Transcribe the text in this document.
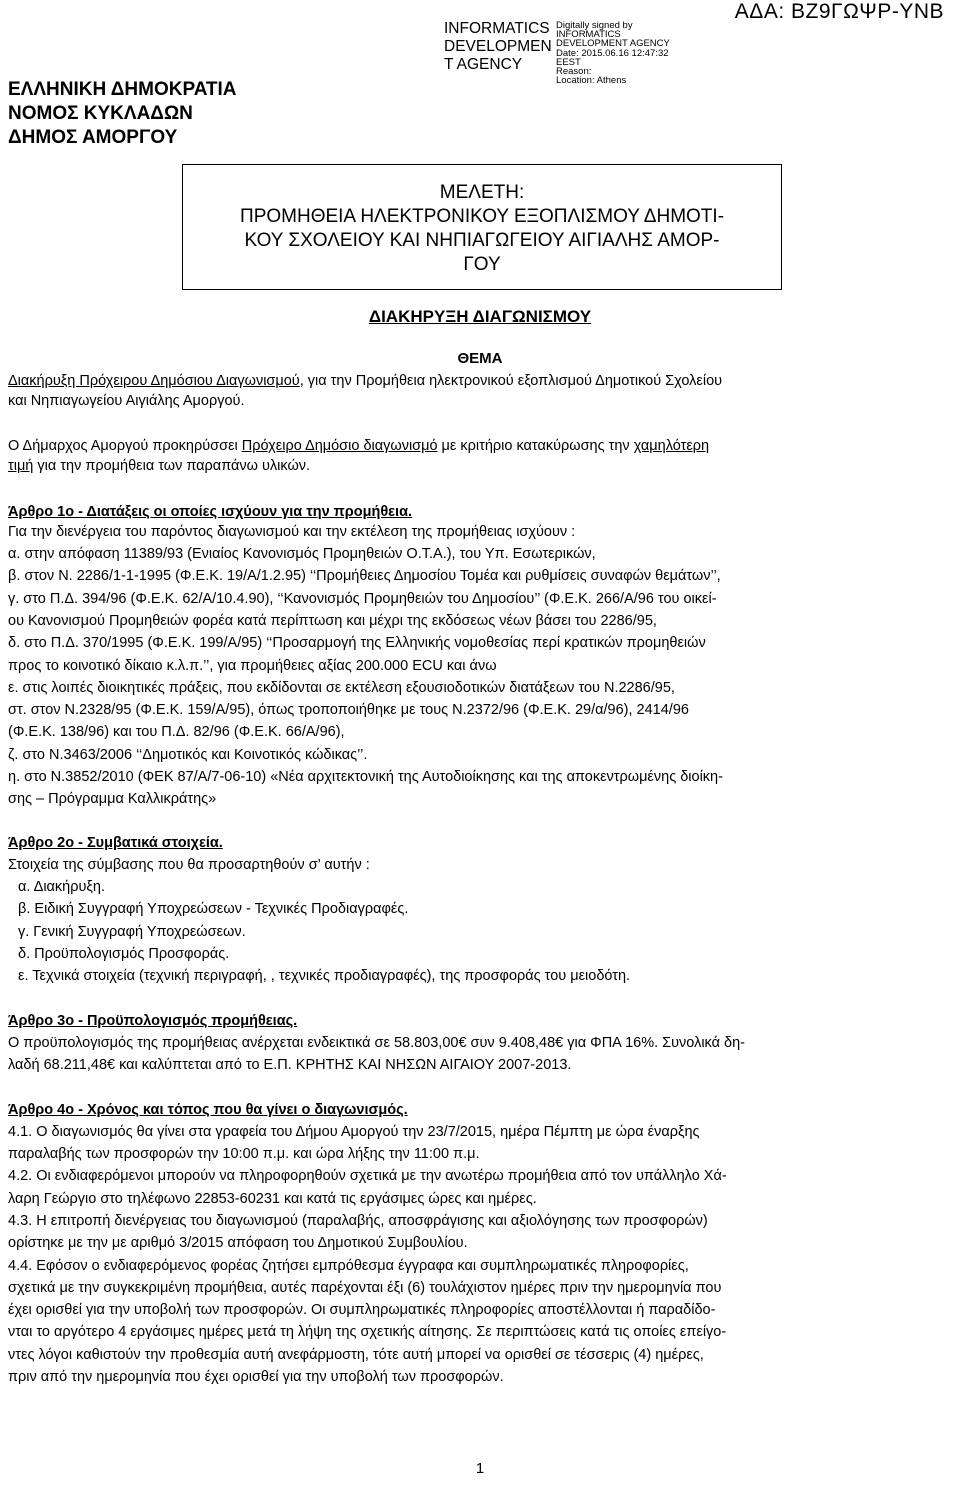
ΑΔΑ: ΒΖ9ΓΩΨΡ-ΥΝΒ
INFORMATICS
DEVELOPMEN
T AGENCY
Digitally signed by
INFORMATICS
DEVELOPMENT AGENCY
Date: 2015.06.16 12:47:32
EEST
Reason:
Location: Athens
ΕΛΛΗΝΙΚΗ ΔΗΜΟΚΡΑΤΙΑ
ΝΟΜΟΣ ΚΥΚΛΑΔΩΝ
ΔΗΜΟΣ ΑΜΟΡΓΟΥ
ΜΕΛΕΤΗ:
ΠΡΟΜΗΘΕΙΑ ΗΛΕΚΤΡΟΝΙΚΟΥ ΕΞΟΠΛΙΣΜΟΥ ΔΗΜΟΤΙ-
ΚΟΥ ΣΧΟΛΕΙΟΥ ΚΑΙ ΝΗΠΙΑΓΩΓΕΙΟΥ ΑΙΓΙΑΛΗΣ ΑΜΟΡ-
ΓΟΥ
ΔΙΑΚΗΡΥΞΗ ΔΙΑΓΩΝΙΣΜΟΥ
ΘΕΜΑ
Διακήρυξη Πρόχειρου Δημόσιου Διαγωνισμού, για την Προμήθεια ηλεκτρονικού εξοπλισμού Δημοτικού Σχολείου
και Νηπιαγωγείου Αιγιάλης Αμοργού.
Ο Δήμαρχος Αμοργού προκηρύσσει Πρόχειρο Δημόσιο διαγωνισμό με κριτήριο κατακύρωσης την χαμηλότερη
τιμή για την προμήθεια των παραπάνω υλικών.
Άρθρο 1ο - Διατάξεις οι οποίες ισχύουν για την προμήθεια.
Για την διενέργεια του παρόντος διαγωνισμού και την εκτέλεση της προμήθειας ισχύουν :
α. στην απόφαση 11389/93 (Ενιαίος Κανονισμός Προμηθειών Ο.Τ.Α.), του Υπ. Εσωτερικών,
β. στον Ν. 2286/1-1-1995 (Φ.Ε.Κ. 19/Α/1.2.95) ‘‘Προμήθειες Δημοσίου Τομέα και ρυθμίσεις συναφών θεμάτων’’,
γ. στο Π.Δ. 394/96 (Φ.Ε.Κ. 62/Α/10.4.90), ‘‘Κανονισμός Προμηθειών του Δημοσίου’’ (Φ.Ε.Κ. 266/Α/96 του οικεί-
ου Κανονισμού Προμηθειών φορέα κατά περίπτωση και μέχρι της εκδόσεως νέων βάσει του 2286/95,
δ. στο Π.Δ. 370/1995 (Φ.Ε.Κ. 199/Α/95) ‘‘Προσαρμογή της Ελληνικής νομοθεσίας περί κρατικών προμηθειών
προς το κοινοτικό δίκαιο κ.λ.π.’’, για προμήθειες αξίας 200.000 ECU και άνω
ε. στις λοιπές διοικητικές πράξεις, που εκδίδονται σε εκτέλεση εξουσιοδοτικών διατάξεων του Ν.2286/95,
στ. στον Ν.2328/95 (Φ.Ε.Κ. 159/Α/95), όπως τροποποιήθηκε με τους Ν.2372/96 (Φ.Ε.Κ. 29/α/96), 2414/96
(Φ.Ε.Κ. 138/96) και του Π.Δ. 82/96 (Φ.Ε.Κ. 66/Α/96),
ζ. στο Ν.3463/2006 ‘‘Δημοτικός και Κοινοτικός κώδικας’’.
η. στο Ν.3852/2010 (ΦΕΚ 87/Α/7-06-10) «Νέα αρχιτεκτονική της Αυτοδιοίκησης και της αποκεντρωμένης διοίκη-
σης – Πρόγραμμα Καλλικράτης»
Άρθρο 2ο - Συμβατικά στοιχεία.
Στοιχεία της σύμβασης που θα προσαρτηθούν σ’ αυτήν :
α. Διακήρυξη.
β. Ειδική Συγγραφή Υποχρεώσεων - Τεχνικές Προδιαγραφές.
γ. Γενική Συγγραφή Υποχρεώσεων.
δ. Προϋπολογισμός Προσφοράς.
ε. Τεχνικά στοιχεία (τεχνική περιγραφή, , τεχνικές προδιαγραφές), της προσφοράς του μειοδότη.
Άρθρο 3ο - Προϋπολογισμός προμήθειας.
Ο προϋπολογισμός της προμήθειας ανέρχεται ενδεικτικά σε 58.803,00€ συν 9.408,48€ για ΦΠΑ 16%. Συνολικά δη-
λαδή 68.211,48€ και καλύπτεται από το Ε.Π. ΚΡΗΤΗΣ ΚΑΙ ΝΗΣΩΝ ΑΙΓΑΙΟΥ 2007-2013.
Άρθρο 4ο - Χρόνος και τόπος που θα γίνει ο διαγωνισμός.
4.1. Ο διαγωνισμός θα γίνει στα γραφεία του Δήμου Αμοργού την 23/7/2015, ημέρα Πέμπτη με ώρα έναρξης
παραλαβής των προσφορών την 10:00 π.μ. και ώρα λήξης την 11:00 π.μ.
4.2. Οι ενδιαφερόμενοι μπορούν να πληροφορηθούν σχετικά με την ανωτέρω προμήθεια από τον υπάλληλο Χά-
λαρη Γεώργιο στο τηλέφωνο 22853-60231 και κατά τις εργάσιμες ώρες και ημέρες.
4.3. Η επιτροπή διενέργειας του διαγωνισμού (παραλαβής, αποσφράγισης και αξιολόγησης των προσφορών)
ορίστηκε με την με αριθμό 3/2015 απόφαση του Δημοτικού Συμβουλίου.
4.4. Εφόσον ο ενδιαφερόμενος φορέας ζητήσει εμπρόθεσμα έγγραφα και συμπληρωματικές πληροφορίες,
σχετικά με την συγκεκριμένη προμήθεια, αυτές παρέχονται έξι (6) τουλάχιστον ημέρες πριν την ημερομηνία που
έχει ορισθεί για την υποβολή των προσφορών. Οι συμπληρωματικές πληροφορίες αποστέλλονται ή παραδίδο-
νται το αργότερο 4 εργάσιμες ημέρες μετά τη λήψη της σχετικής αίτησης. Σε περιπτώσεις κατά τις οποίες επείγο-
ντες λόγοι καθιστούν την προθεσμία αυτή ανεφάρμοστη, τότε αυτή μπορεί να ορισθεί σε τέσσερις (4) ημέρες,
πριν από την ημερομηνία που έχει ορισθεί για την υποβολή των προσφορών.
1
